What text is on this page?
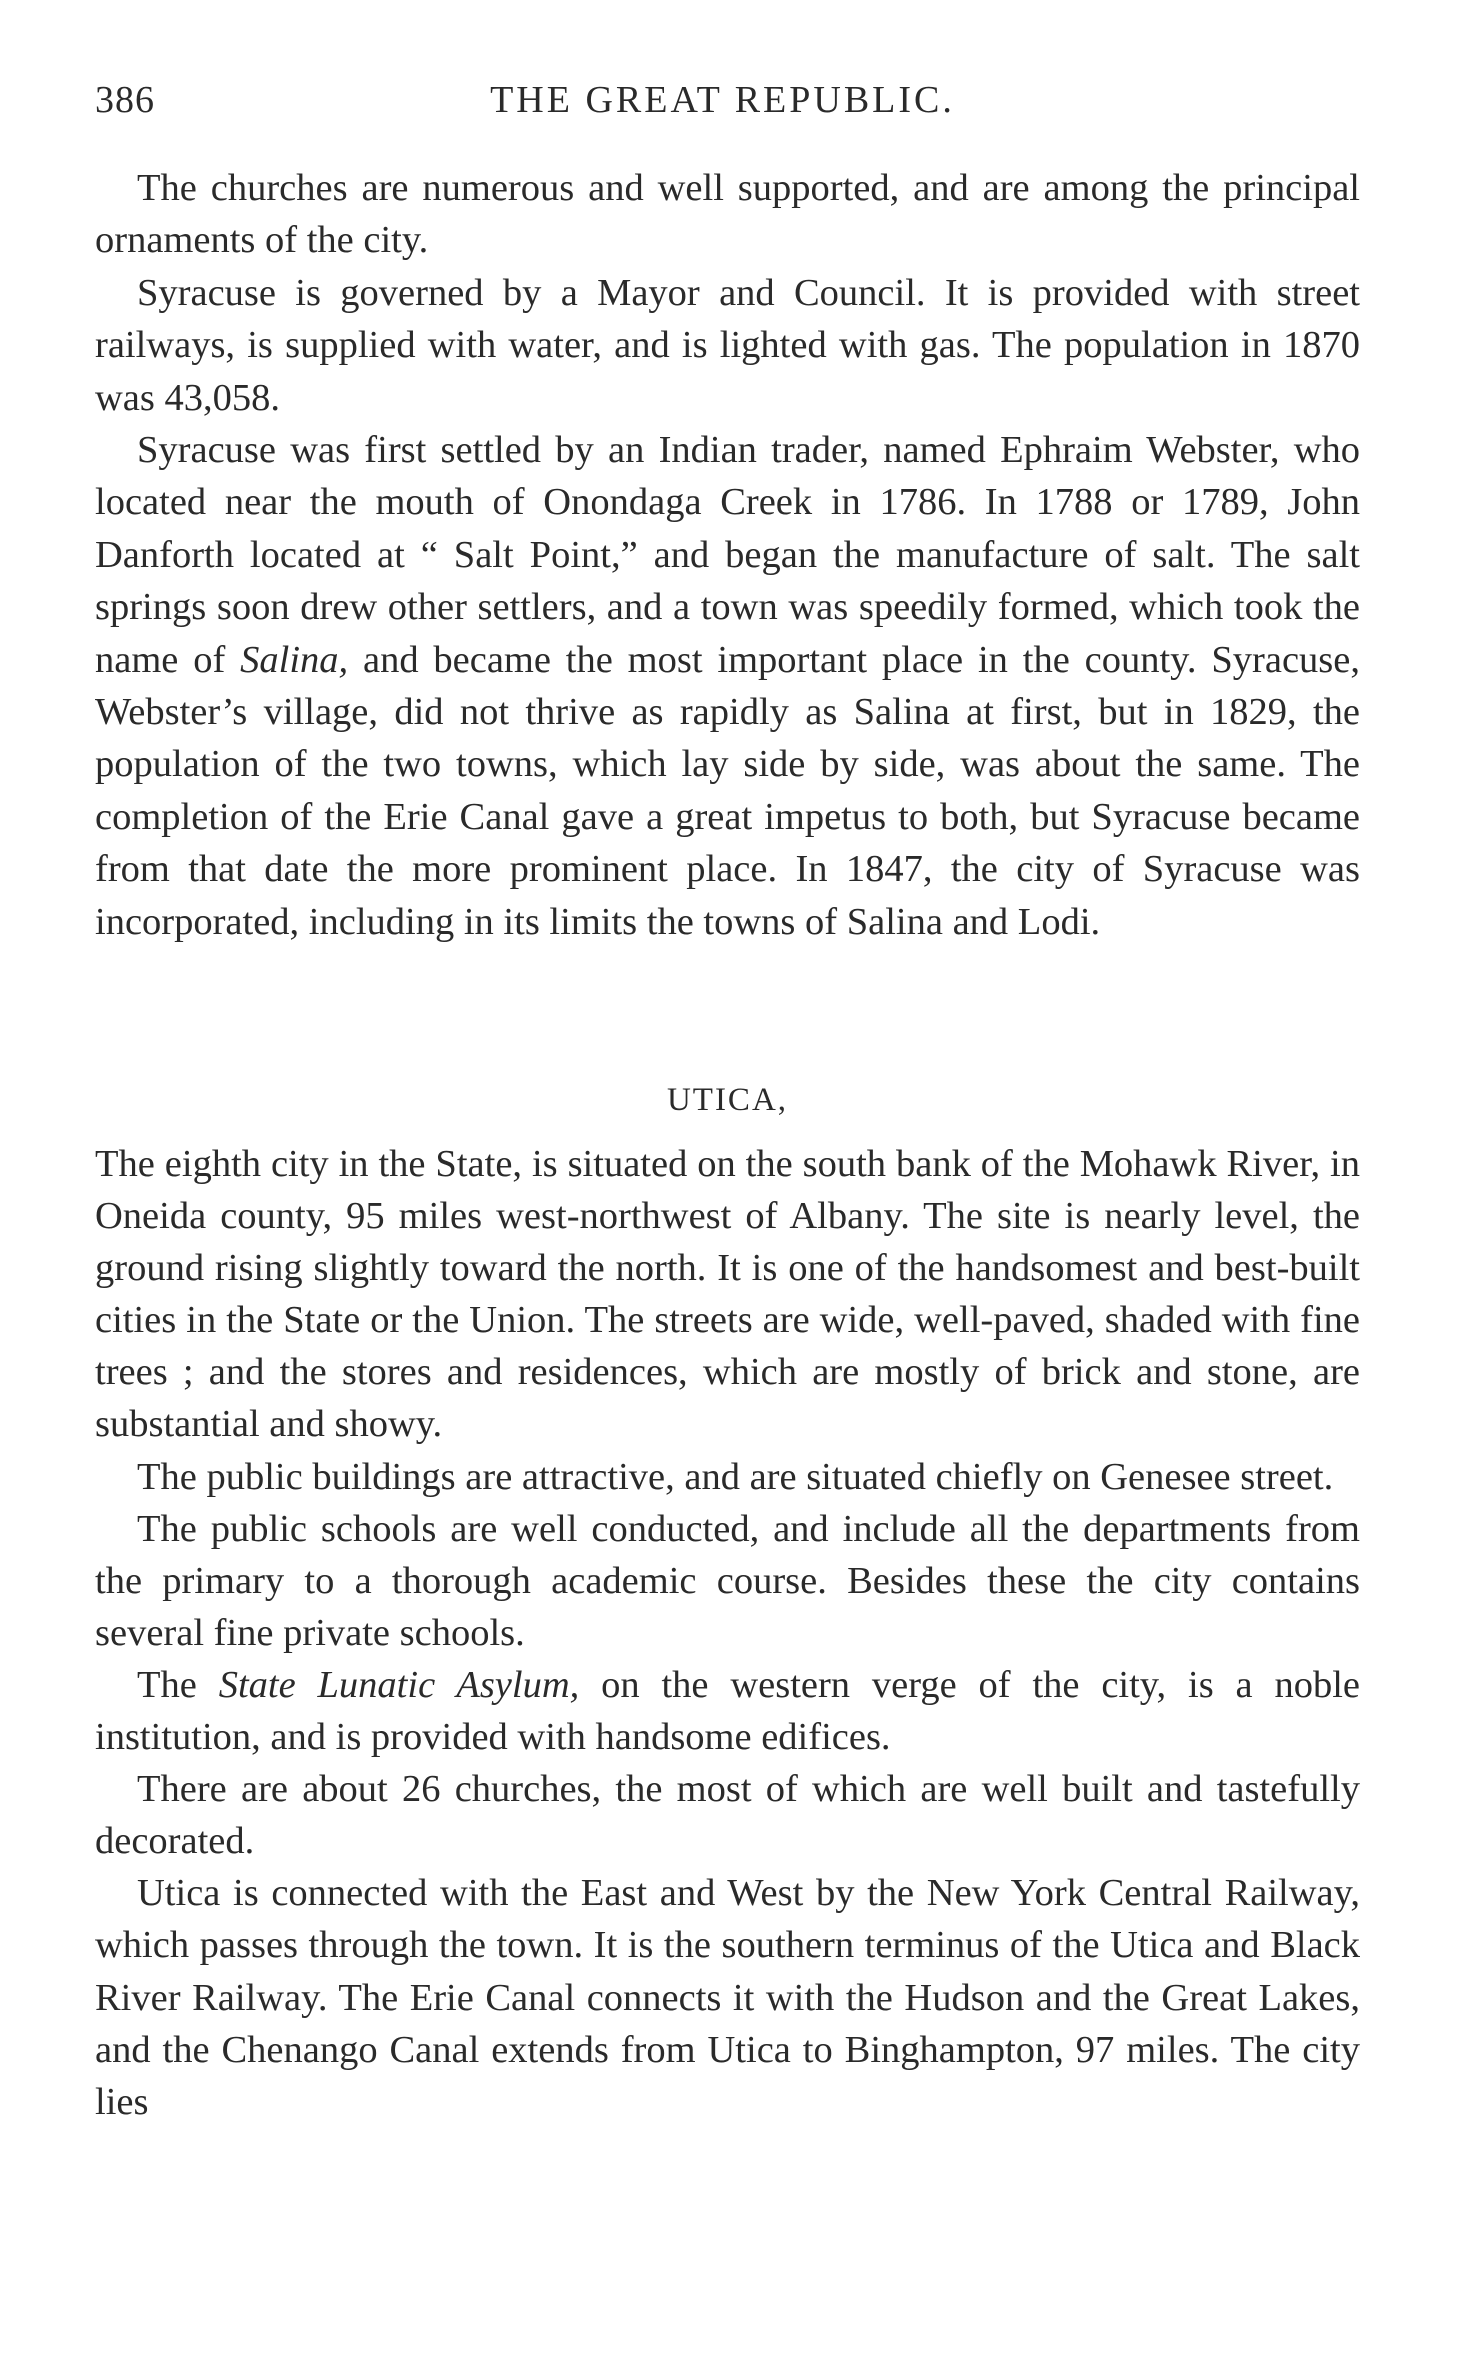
386	THE GREAT REPUBLIC.

The churches are numerous and well supported, and are among the principal ornaments of the city.

Syracuse is governed by a Mayor and Council. It is provided with street railways, is supplied with water, and is lighted with gas. The population in 1870 was 43,058.

Syracuse was first settled by an Indian trader, named Ephraim Webster, who located near the mouth of Onondaga Creek in 1786. In 1788 or 1789, John Danforth located at “ Salt Point,” and began the manufacture of salt. The salt springs soon drew other settlers, and a town was speedily formed, which took the name of Salina, and became the most important place in the county. Syracuse, Webster’s village, did not thrive as rapidly as Salina at first, but in 1829, the population of the two towns, which lay side by side, was about the same. The completion of the Erie Canal gave a great impetus to both, but Syracuse became from that date the more prominent place. In 1847, the city of Syracuse was incorporated, including in its limits the towns of Salina and Lodi.

UTICA,

The eighth city in the State, is situated on the south bank of the Mohawk River, in Oneida county, 95 miles west-northwest of Albany. The site is nearly level, the ground rising slightly toward the north. It is one of the handsomest and best-built cities in the State or the Union. The streets are wide, well-paved, shaded with fine trees ; and the stores and residences, which are mostly of brick and stone, are substantial and showy.

The public buildings are attractive, and are situated chiefly on Genesee street.

The public schools are well conducted, and include all the departments from the primary to a thorough academic course. Besides these the city contains several fine private schools.

The State Lunatic Asylum, on the western verge of the city, is a noble institution, and is provided with handsome edifices.

There are about 26 churches, the most of which are well built and tastefully decorated.

Utica is connected with the East and West by the New York Central Railway, which passes through the town. It is the southern terminus of the Utica and Black River Railway. The Erie Canal connects it with the Hudson and the Great Lakes, and the Chenango Canal extends from Utica to Binghampton, 97 miles. The city lies
